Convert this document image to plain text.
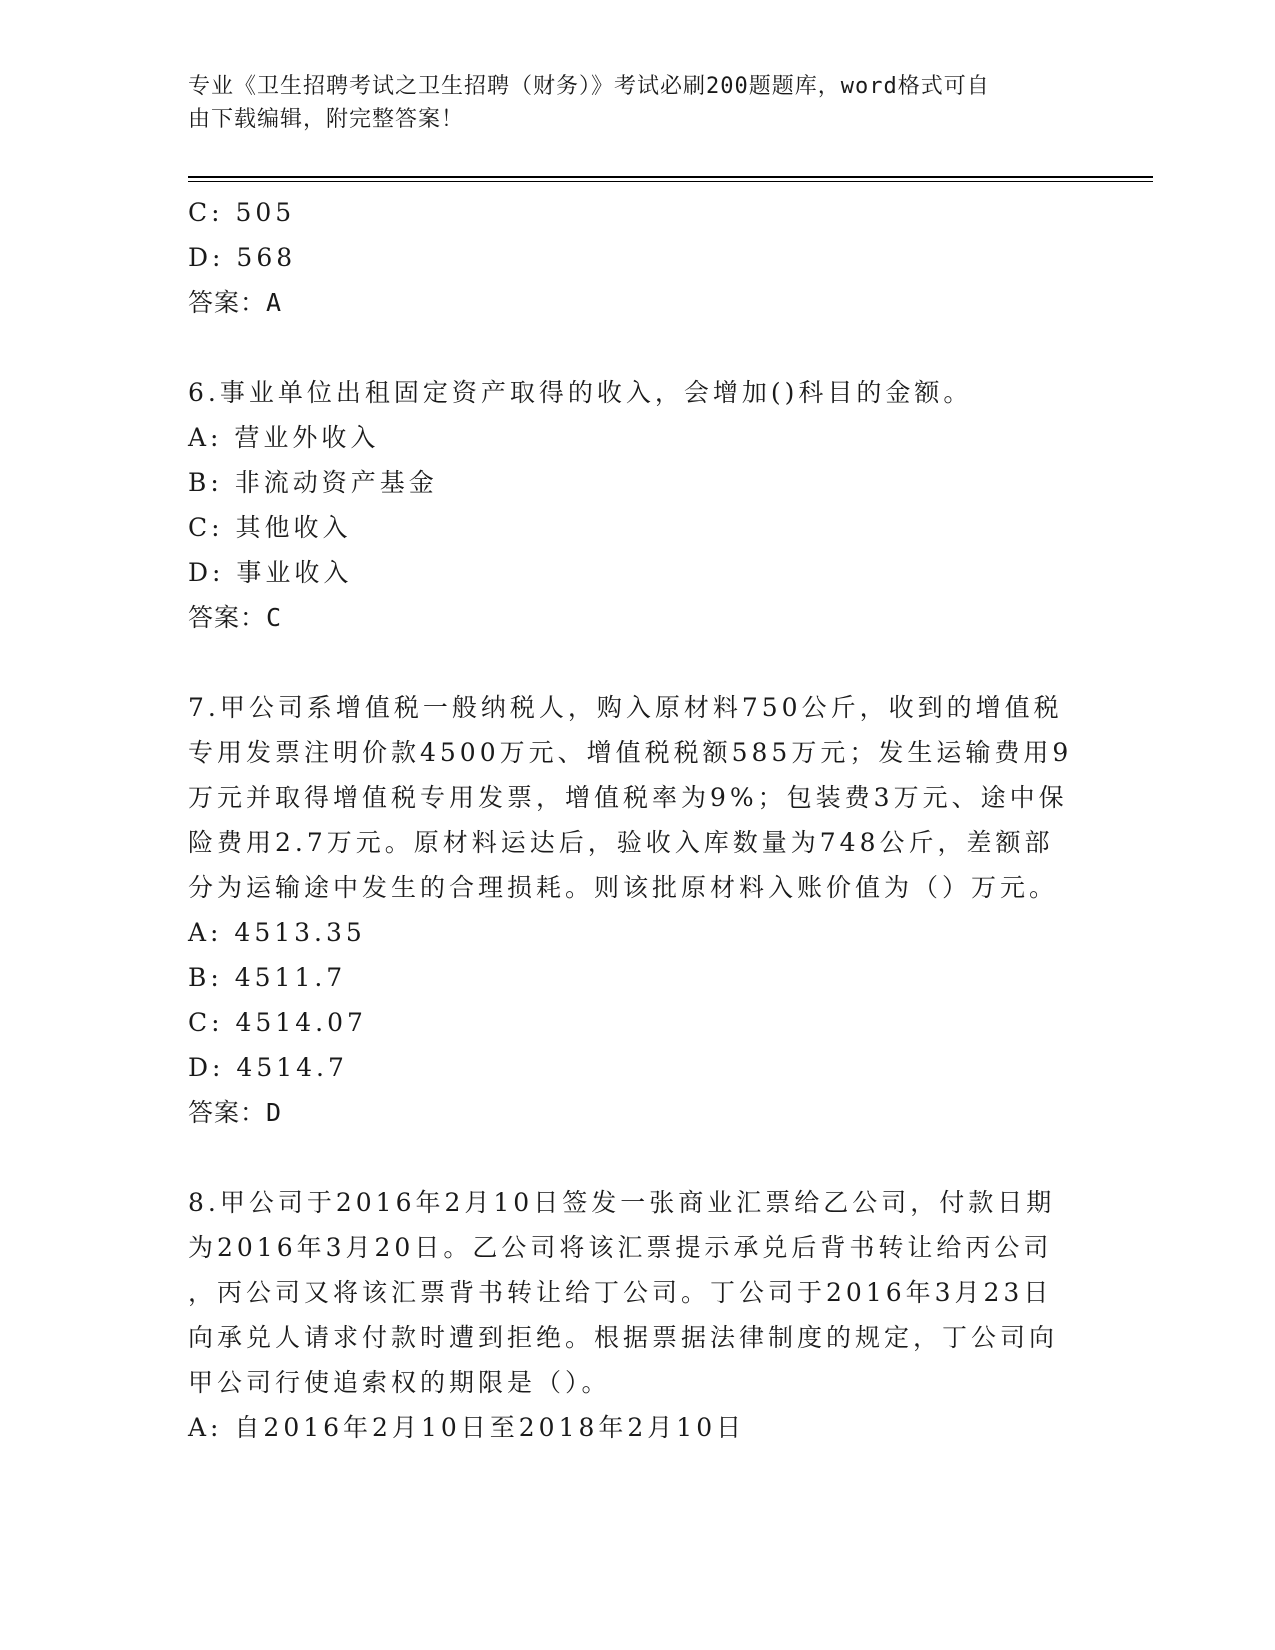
专业《卫生招聘考试之卫生招聘（财务）》考试必刷200题题库，word格式可自
由下载编辑，附完整答案！
C: 505
D: 568
答案：A
6.事业单位出租固定资产取得的收入，会增加()科目的金额。
A: 营业外收入
B: 非流动资产基金
C: 其他收入
D: 事业收入
答案：C
7.甲公司系增值税一般纳税人，购入原材料750公斤，收到的增值税
专用发票注明价款4500万元、增值税税额585万元；发生运输费用9
万元并取得增值税专用发票，增值税率为9%；包装费3万元、途中保
险费用2.7万元。原材料运达后，验收入库数量为748公斤，差额部
分为运输途中发生的合理损耗。则该批原材料入账价值为（）万元。
A: 4513.35
B: 4511.7
C: 4514.07
D: 4514.7
答案：D
8.甲公司于2016年2月10日签发一张商业汇票给乙公司，付款日期
为2016年3月20日。乙公司将该汇票提示承兑后背书转让给丙公司
，丙公司又将该汇票背书转让给丁公司。丁公司于2016年3月23日
向承兑人请求付款时遭到拒绝。根据票据法律制度的规定，丁公司向
甲公司行使追索权的期限是（）。
A: 自2016年2月10日至2018年2月10日
